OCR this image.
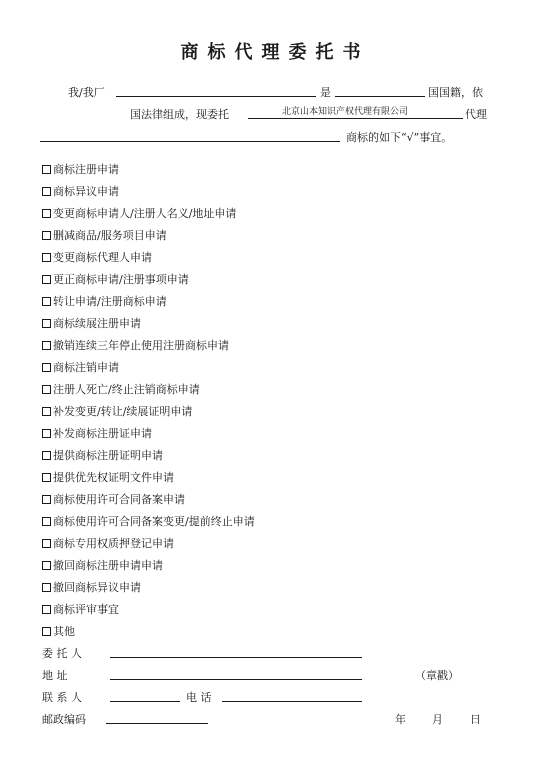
商标代理委托书
我/我厂	是	国国籍，依
国法律组成，现委托	北京山本知识产权代理有限公司	代理
商标的如下“√”事宜。
商标注册申请
商标异议申请
变更商标申请人/注册人名义/地址申请
删减商品/服务项目申请
变更商标代理人申请
更正商标申请/注册事项申请
转让申请/注册商标申请
商标续展注册申请
撤销连续三年停止使用注册商标申请
商标注销申请
注册人死亡/终止注销商标申请
补发变更/转让/续展证明申请
补发商标注册证申请
提供商标注册证明申请
提供优先权证明文件申请
商标使用许可合同备案申请
商标使用许可合同备案变更/提前终止申请
商标专用权质押登记申请
撤回商标注册申请申请
撤回商标异议申请
商标评审事宜
其他
委 托 人
地 址	（章戳）
联 系 人	电 话
邮政编码	年 月 日
